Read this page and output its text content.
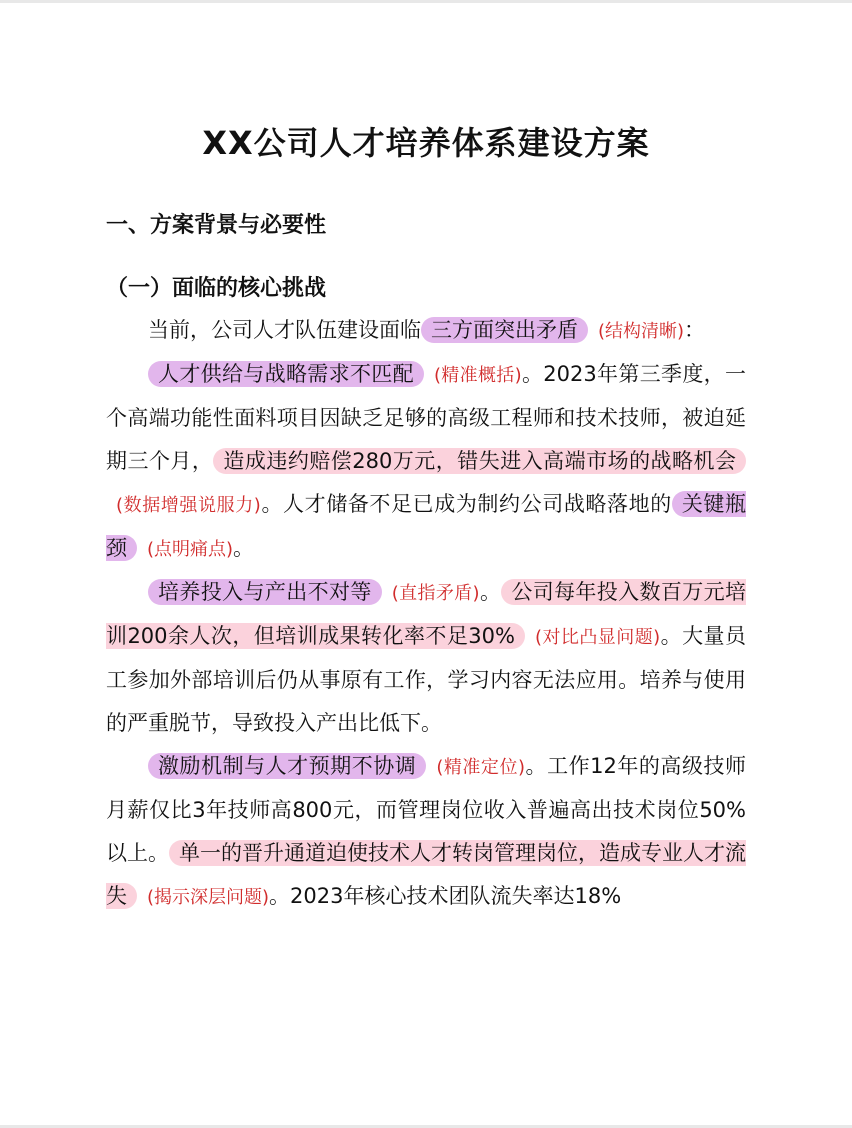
XX公司人才培养体系建设方案
一、方案背景与必要性
（一）面临的核心挑战

当前，公司人才队伍建设面临 三方面突出矛盾 (结构清晰)：

人才供给与战略需求不匹配 (精准概括)。2023年第三季度，一个高端功能性面料项目因缺乏足够的高级工程师和技术技师，被迫延期三个月， 造成违约赔偿280万元，错失进入高端市场的战略机会(数据增强说服力)。人才储备不足已成为制约公司战略落地的 关键瓶颈 (点明痛点)。

培养投入与产出不对等 (直指矛盾)。 公司每年投入数百万元培训200余人次，但培训成果转化率不足30% (对比凸显问题)。大量员工参加外部培训后仍从事原有工作，学习内容无法应用。培养与使用的严重脱节，导致投入产出比低下。

激励机制与人才预期不协调 (精准定位)。工作12年的高级技师月薪仅比3年技师高800元，而管理岗位收入普遍高出技术岗位50%以上。 单一的晋升通道迫使技术人才转岗管理岗位，造成专业人才流失 (揭示深层问题)。2023年核心技术团队流失率达18%
